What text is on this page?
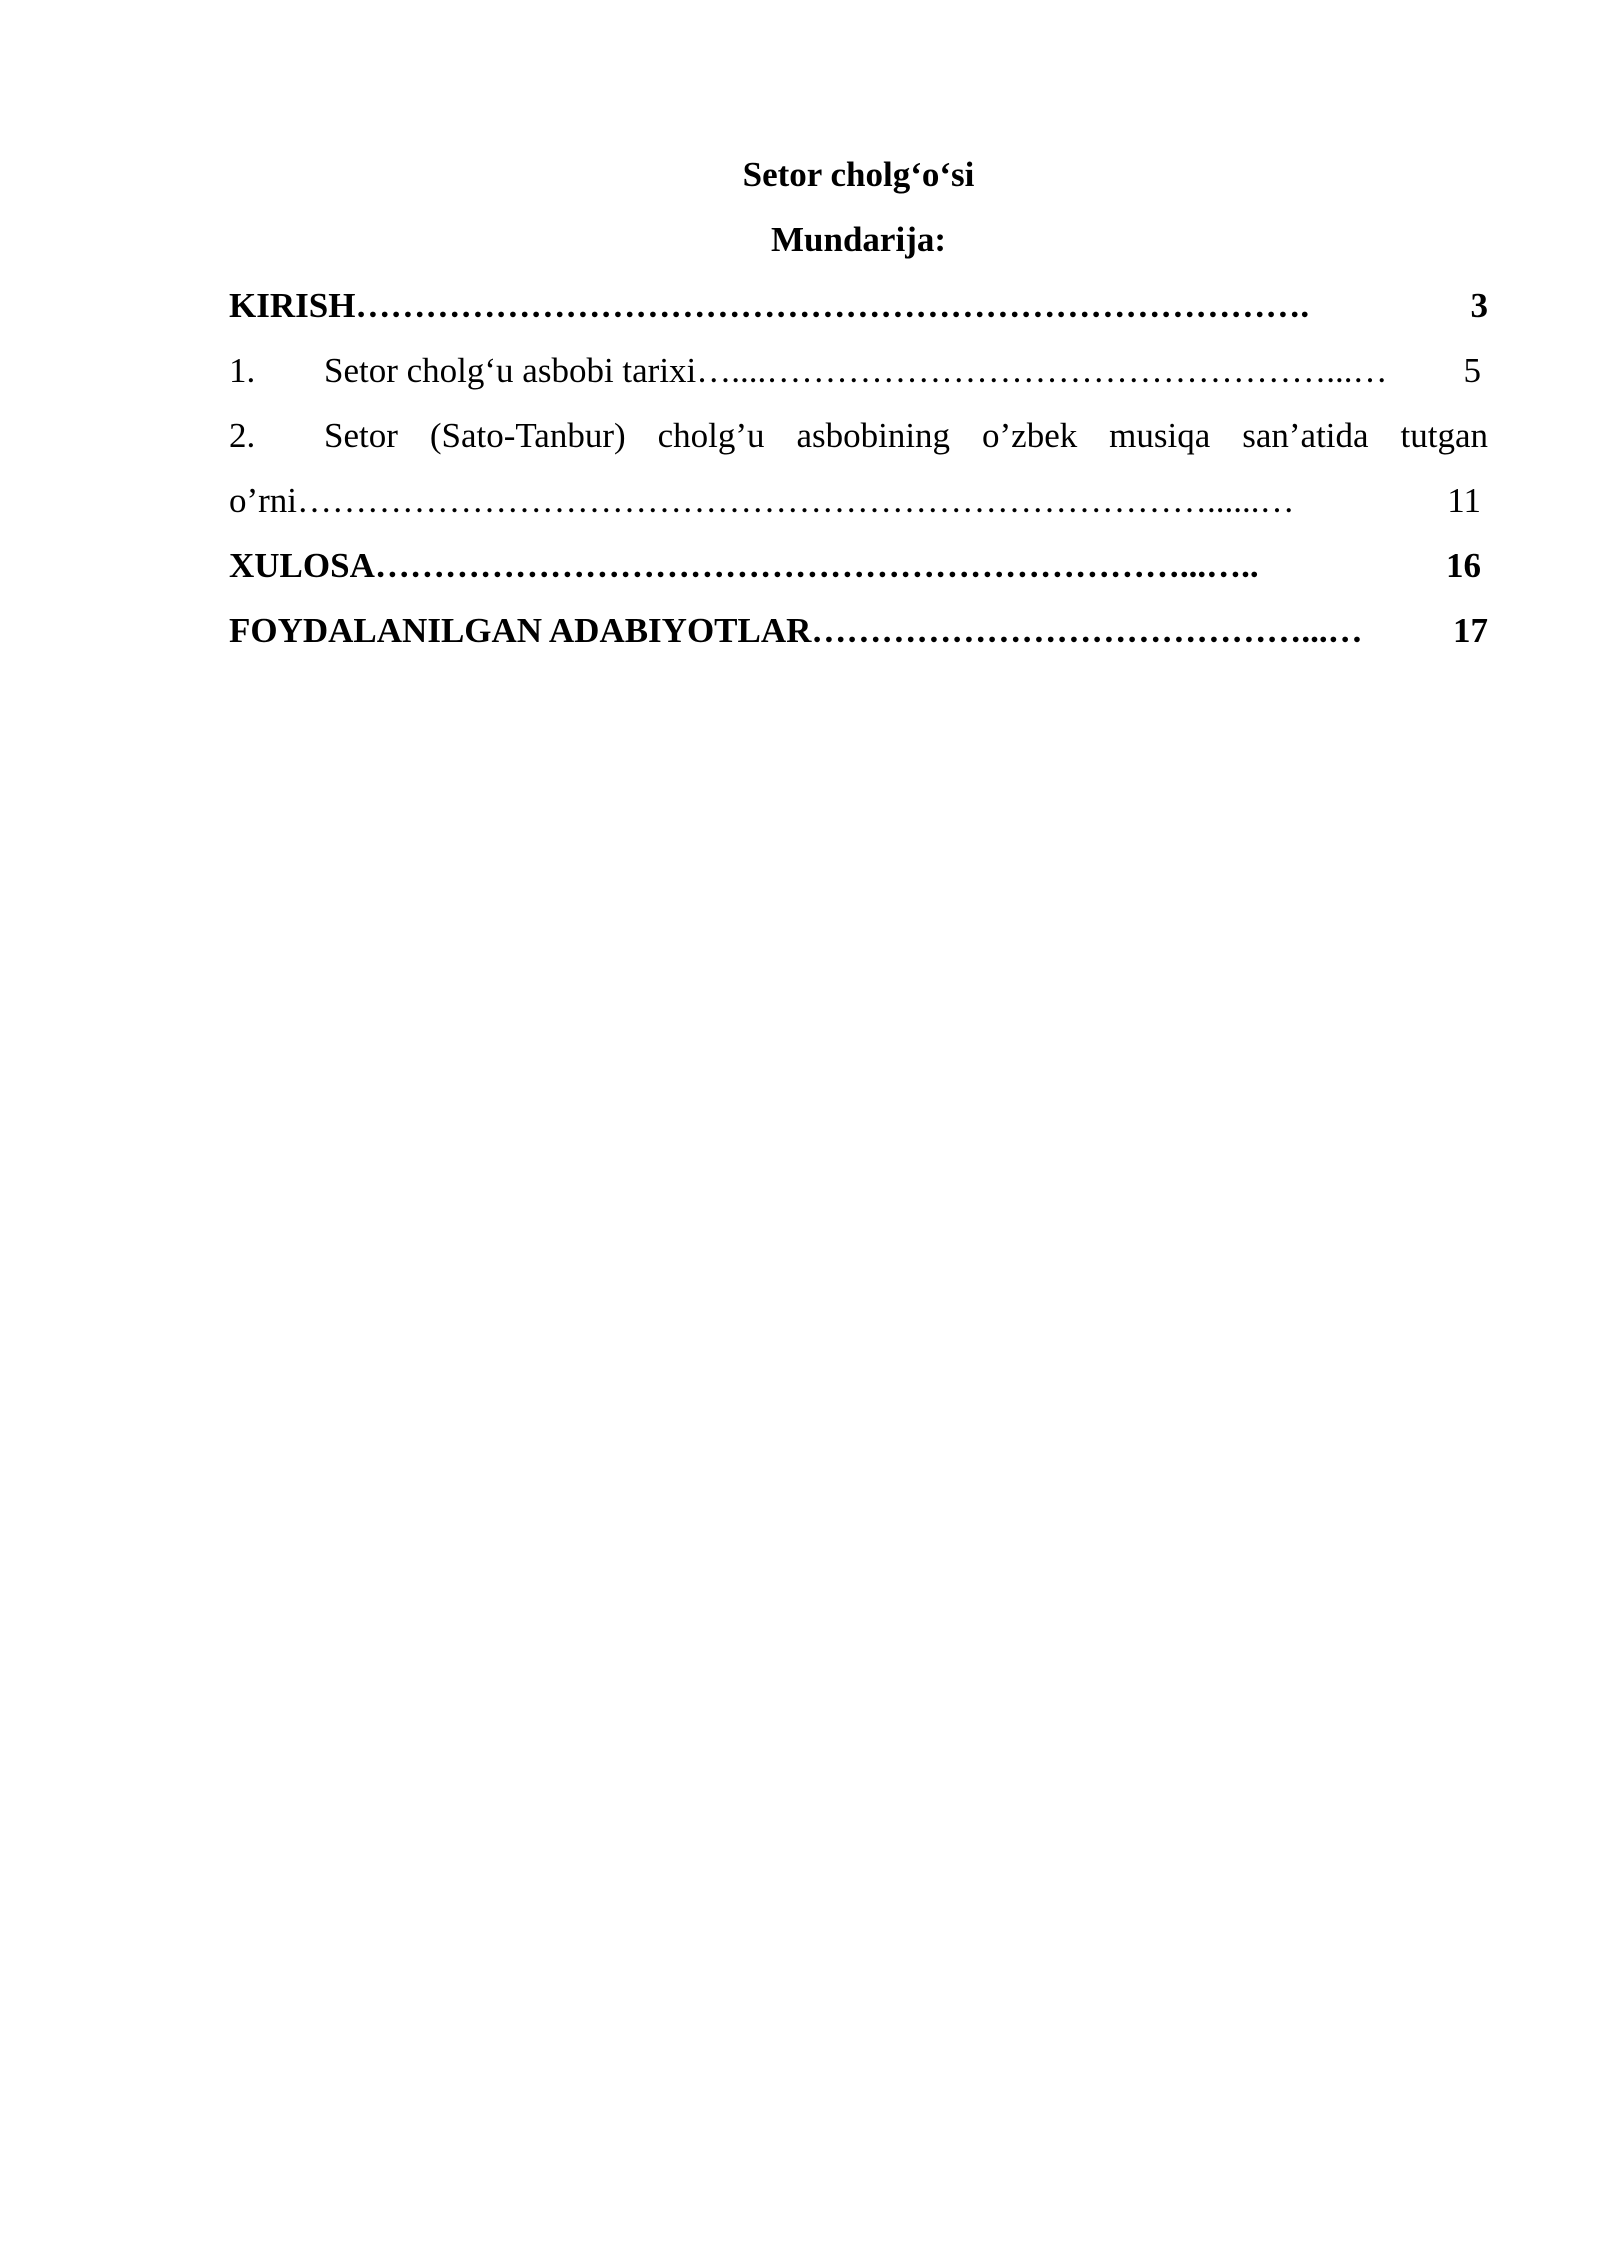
Setor cholg‘o‘si
Mundarija:
KIRISH……………………………………………………………………….	3
1. Setor cholg‘u asbobi tarixi…....…………………………………………...… 5
2. Setor (Sato-Tanbur) cholg’u asbobining o’zbek musiqa san’atida tutgan
o’rni……………………………………………………………………......…	11
XULOSA……………………………………………………………...…..	16
FOYDALANILGAN ADABIYOTLAR……………………………………...…	17
